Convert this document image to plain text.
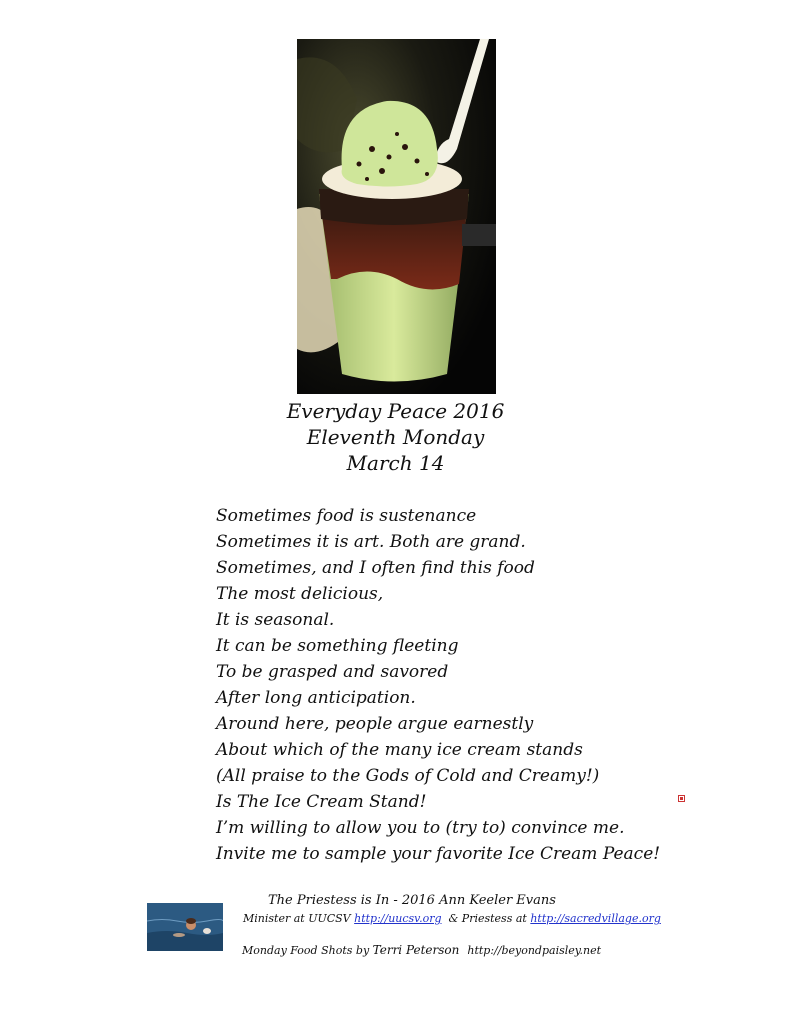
Everyday Peace 2016
Eleventh Monday
March 14
Sometimes food is sustenance
Sometimes it is art. Both are grand.
Sometimes, and I often find this food
The most delicious,
It is seasonal.
It can be something fleeting
To be grasped and savored
After long anticipation.
Around here, people argue earnestly
About which of the many ice cream stands
(All praise to the Gods of Cold and Creamy!)
Is The Ice Cream Stand!
I’m willing to allow you to (try to) convince me.
Invite me to sample your favorite Ice Cream Peace!
The Priestess is In - 2016 Ann Keeler Evans
Minister at UUCSV http://uucsv.org  & Priestess at http://sacredvillage.org
Monday Food Shots by Terri Peterson http://beyondpaisley.net
